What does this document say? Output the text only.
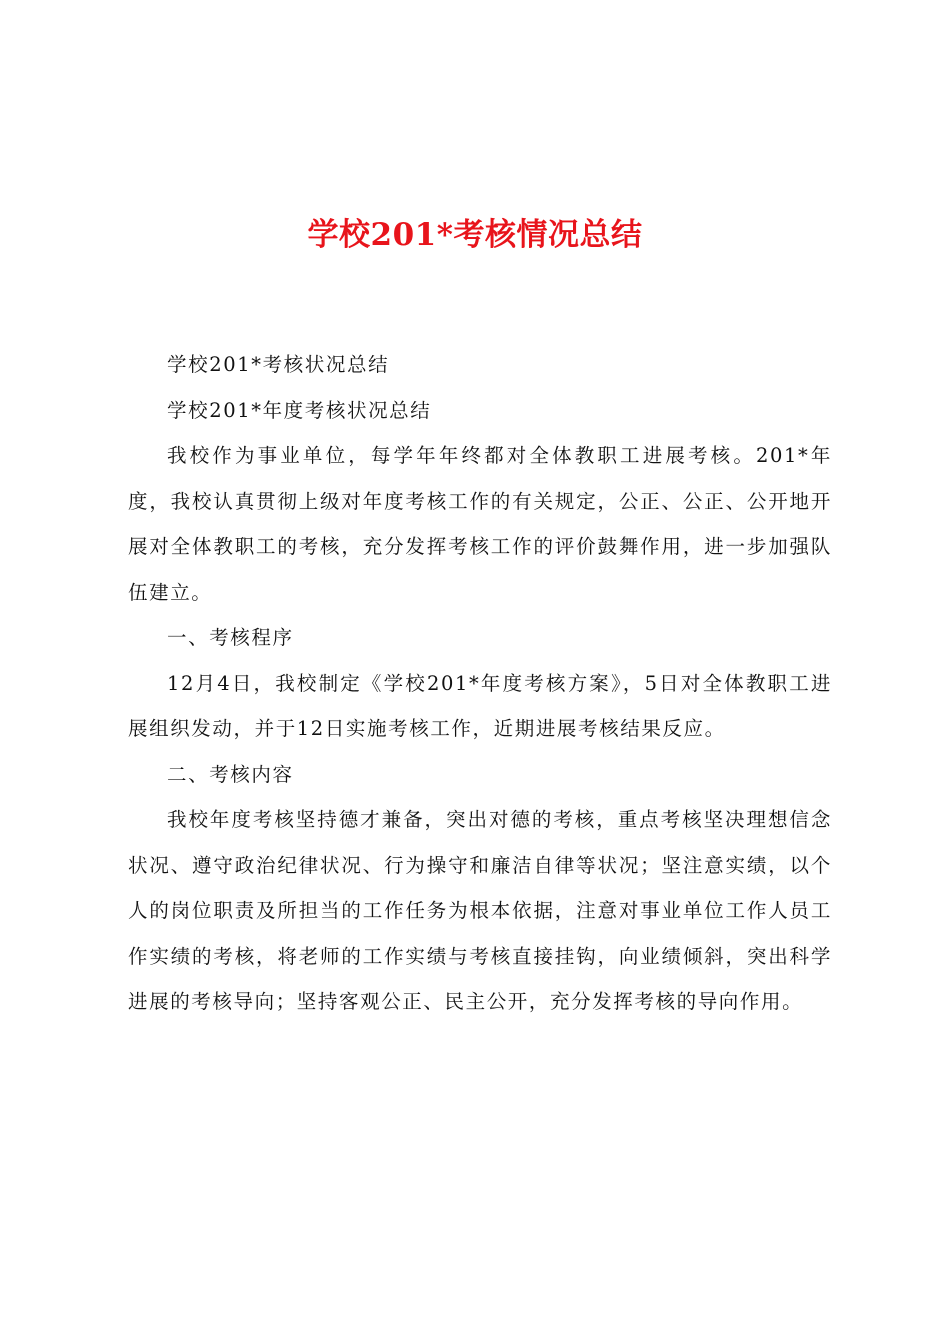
学校201*考核情况总结

学校201*考核状况总结

学校201*年度考核状况总结

我校作为事业单位，每学年年终都对全体教职工进展考核。201*年度，我校认真贯彻上级对年度考核工作的有关规定，公正、公正、公开地开展对全体教职工的考核，充分发挥考核工作的评价鼓舞作用，进一步加强队伍建立。

一、考核程序

12月4日，我校制定《学校201*年度考核方案》，5日对全体教职工进展组织发动，并于12日实施考核工作，近期进展考核结果反应。

二、考核内容

我校年度考核坚持德才兼备，突出对德的考核，重点考核坚决理想信念状况、遵守政治纪律状况、行为操守和廉洁自律等状况；坚注意实绩，以个人的岗位职责及所担当的工作任务为根本依据，注意对事业单位工作人员工作实绩的考核，将老师的工作实绩与考核直接挂钩，向业绩倾斜，突出科学进展的考核导向；坚持客观公正、民主公开，充分发挥考核的导向作用。
